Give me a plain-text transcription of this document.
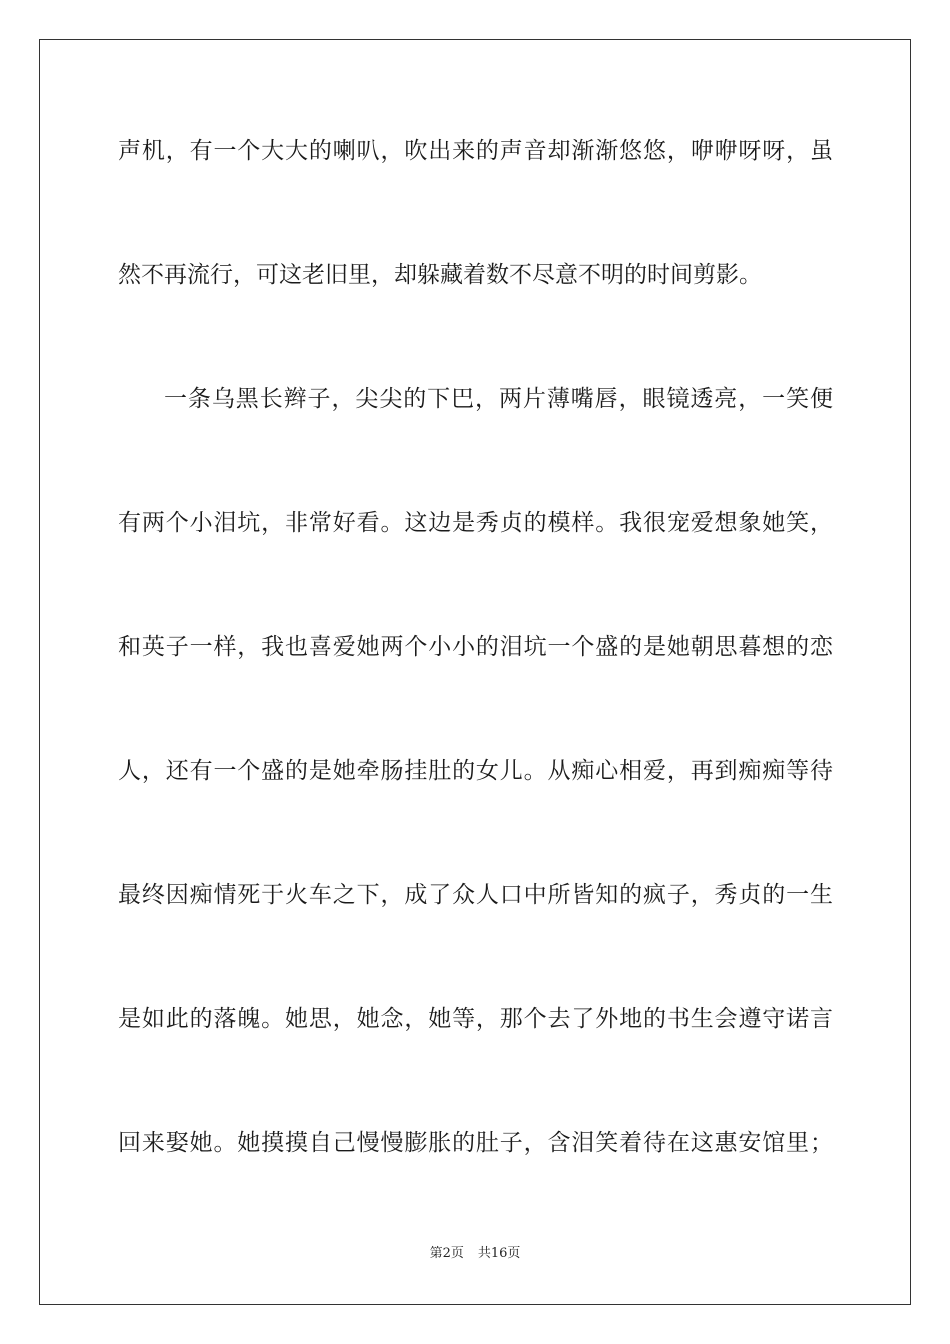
声机，有一个大大的喇叭，吹出来的声音却渐渐悠悠，咿咿呀呀，虽
然不再流行，可这老旧里，却躲藏着数不尽意不明的时间剪影。
一条乌黑长辫子，尖尖的下巴，两片薄嘴唇，眼镜透亮，一笑便
有两个小泪坑，非常好看。这边是秀贞的模样。我很宠爱想象她笑，
和英子一样，我也喜爱她两个小小的泪坑一个盛的是她朝思暮想的恋
人，还有一个盛的是她牵肠挂肚的女儿。从痴心相爱，再到痴痴等待
最终因痴情死于火车之下，成了众人口中所皆知的疯子，秀贞的一生
是如此的落魄。她思，她念，她等，那个去了外地的书生会遵守诺言
回来娶她。她摸摸自己慢慢膨胀的肚子，含泪笑着待在这惠安馆里；
第2页 共16页
